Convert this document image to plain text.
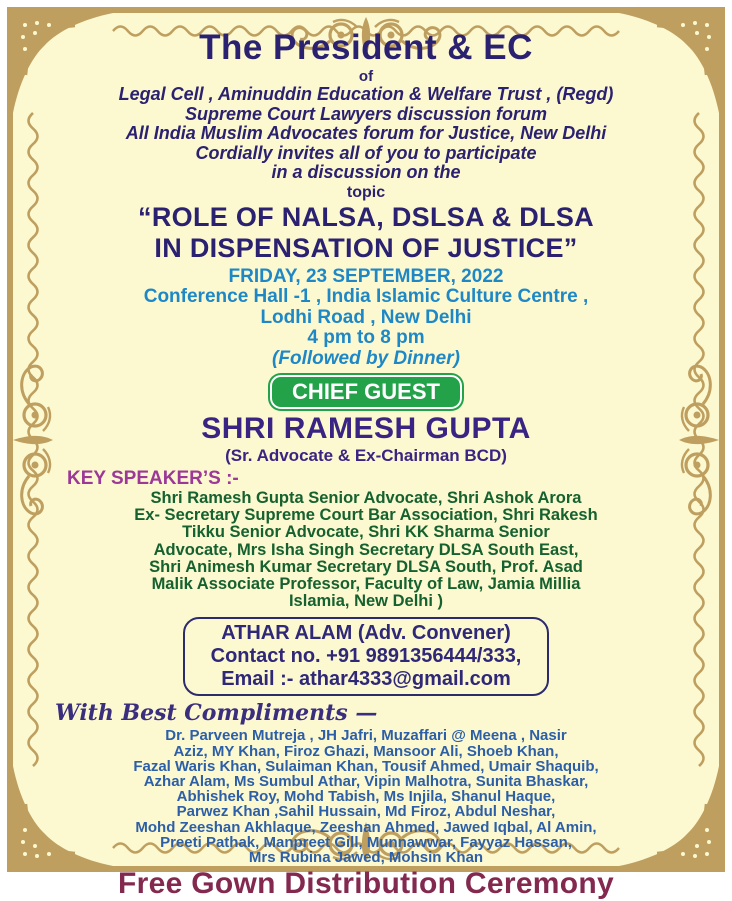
The President & EC
of
Legal Cell , Aminuddin Education & Welfare Trust , (Regd)
Supreme Court Lawyers discussion forum
All India Muslim Advocates forum for Justice, New Delhi
Cordially invites all of you to participate
in a discussion on the
topic
“ROLE OF NALSA, DSLSA & DLSA
IN DISPENSATION OF JUSTICE”
FRIDAY, 23 SEPTEMBER, 2022
Conference Hall -1 , India Islamic Culture Centre ,
Lodhi Road , New Delhi
4 pm to 8 pm
(Followed by Dinner)
CHIEF GUEST
SHRI RAMESH GUPTA
(Sr. Advocate & Ex-Chairman BCD)
KEY SPEAKER’S :-
Shri Ramesh Gupta Senior Advocate, Shri Ashok Arora
Ex- Secretary Supreme Court Bar Association, Shri Rakesh
Tikku Senior Advocate, Shri KK Sharma Senior
Advocate, Mrs Isha Singh Secretary DLSA South East,
Shri Animesh Kumar Secretary DLSA South, Prof. Asad
Malik Associate Professor, Faculty of Law, Jamia Millia
Islamia, New Delhi )
ATHAR ALAM (Adv. Convener)
Contact no. +91 9891356444/333,
Email :- athar4333@gmail.com
With Best Compliments —
Dr. Parveen Mutreja , JH Jafri, Muzaffari @ Meena , Nasir
Aziz, MY Khan, Firoz Ghazi, Mansoor Ali, Shoeb Khan,
Fazal Waris Khan, Sulaiman Khan, Tousif Ahmed, Umair Shaquib,
Azhar Alam, Ms Sumbul Athar, Vipin Malhotra, Sunita Bhaskar,
Abhishek Roy, Mohd Tabish, Ms Injila, Shanul Haque,
Parwez Khan ,Sahil Hussain, Md Firoz, Abdul Neshar,
Mohd Zeeshan Akhlaque, Zeeshan Ahmed, Jawed Iqbal, Al Amin,
Preeti Pathak, Manpreet Gill, Munnawwar, Fayyaz Hassan,
Mrs Rubina Jawed, Mohsin Khan
Free Gown Distribution Ceremony
